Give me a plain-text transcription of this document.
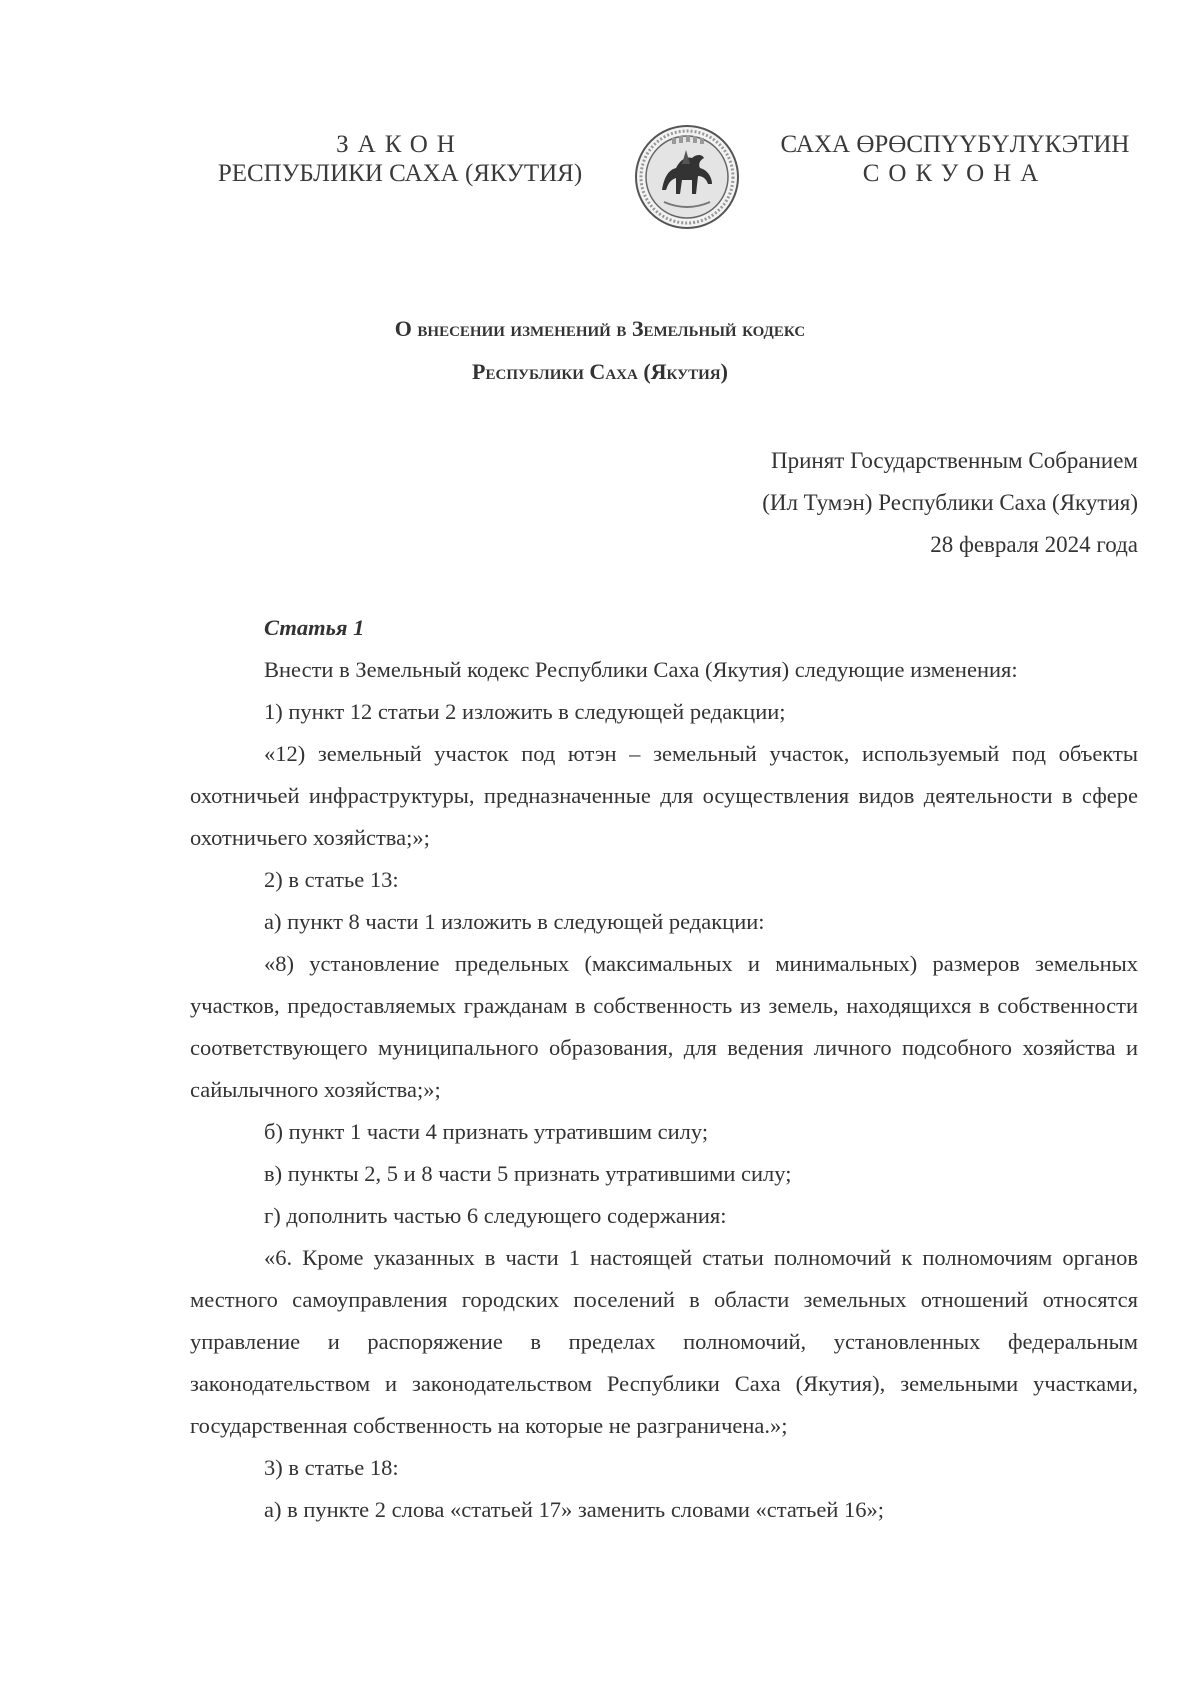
ЗАКОН
РЕСПУБЛИКИ САХА (ЯКУТИЯ)
САХА ӨРӨСПҮҮБҮЛҮКЭТИН
СОКУОНА
О внесении изменений в Земельный кодекс
Республики Саха (Якутия)
Принят Государственным Собранием
(Ил Тумэн) Республики Саха (Якутия)
28 февраля 2024 года

Статья 1

Внести в Земельный кодекс Республики Саха (Якутия) следующие изменения:

1) пункт 12 статьи 2 изложить в следующей редакции;

«12) земельный участок под ютэн – земельный участок, используемый под объекты охотничьей инфраструктуры, предназначенные для осуществления видов деятельности в сфере охотничьего хозяйства;»;

2) в статье 13:

а) пункт 8 части 1 изложить в следующей редакции:

«8) установление предельных (максимальных и минимальных) размеров земельных участков, предоставляемых гражданам в собственность из земель, находящихся в собственности соответствующего муниципального образования, для ведения личного подсобного хозяйства и сайылычного хозяйства;»;

б) пункт 1 части 4 признать утратившим силу;

в) пункты 2, 5 и 8 части 5 признать утратившими силу;

г) дополнить частью 6 следующего содержания:

«6. Кроме указанных в части 1 настоящей статьи полномочий к полномочиям органов местного самоуправления городских поселений в области земельных отношений относятся управление и распоряжение в пределах полномочий, установленных федеральным законодательством и законодательством Республики Саха (Якутия), земельными участками, государственная собственность на которые не разграничена.»;

3) в статье 18:

а) в пункте 2 слова «статьей 17» заменить словами «статьей 16»;
